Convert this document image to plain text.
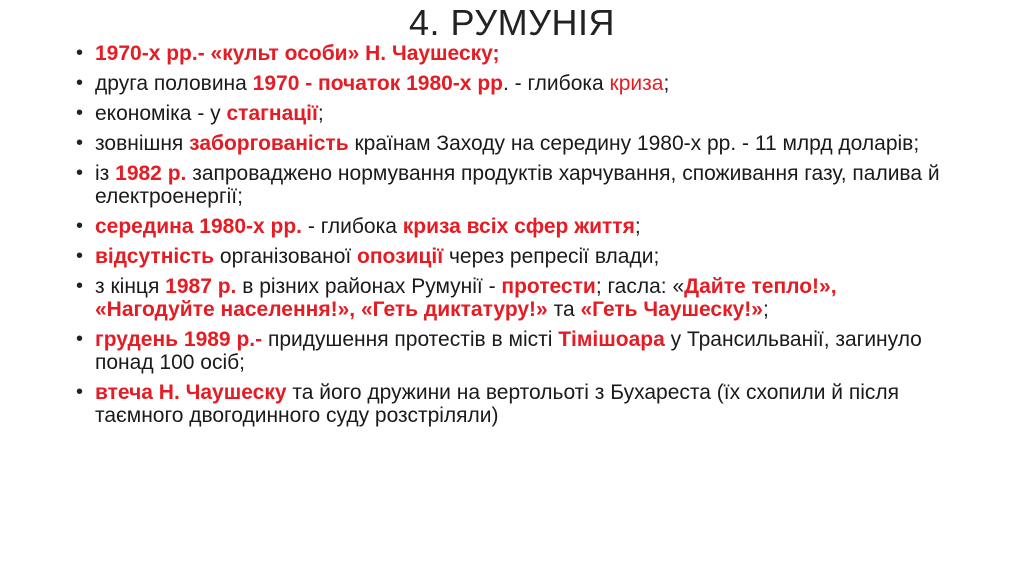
4. РУМУНІЯ
• 1970-х рр.- «культ особи» Н. Чаушеску;
• друга половина 1970 - початок 1980-х рр. - глибока криза;
• економіка - у стагнації;
• зовнішня заборгованість країнам Заходу на середину 1980-х рр. - 11 млрд доларів;
• із 1982 р. запроваджено нормування продуктів харчування, споживання газу, палива й електроенергії;
• середина 1980-х рр. - глибока криза всіх сфер життя;
• відсутність організованої опозиції через репресії влади;
• з кінця 1987 р. в різних районах Румунії - протести; гасла: «Дайте тепло!», «Нагодуйте населення!», «Геть диктатуру!» та «Геть Чаушеску!»;
• грудень 1989 р.- придушення протестів в місті Тімішоара у Трансильванії, загинуло понад 100 осіб;
• втеча Н. Чаушеску та його дружини на вертольоті з Бухареста (їх схопили й після таємного двогодинного суду розстріляли)
